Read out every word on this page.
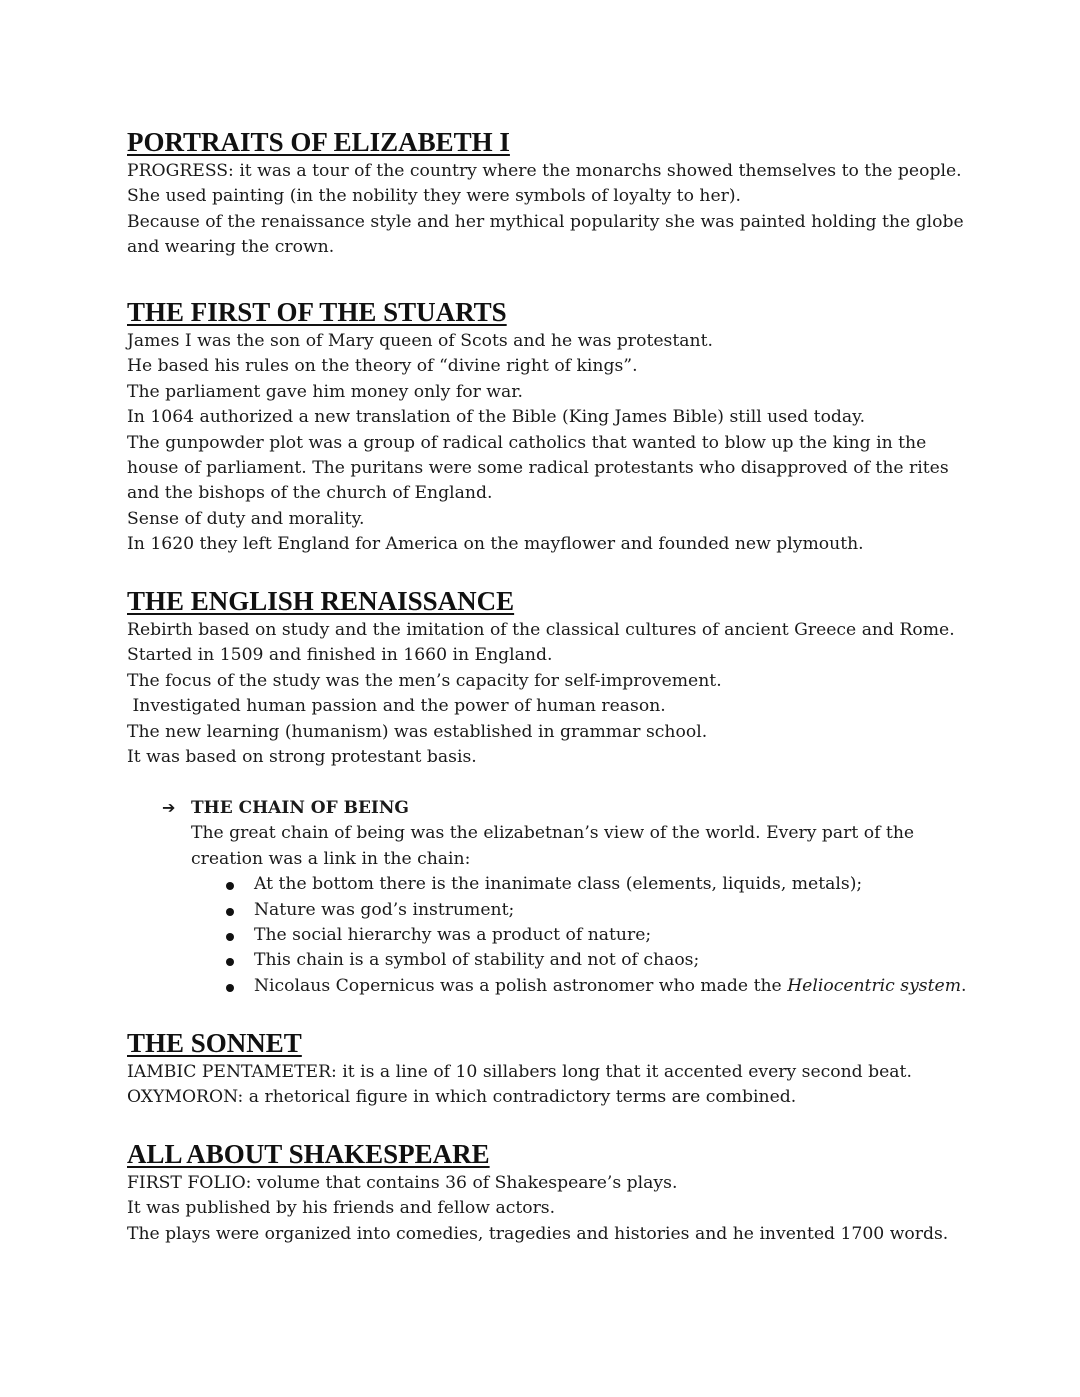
PORTRAITS OF ELIZABETH I

PROGRESS: it was a tour of the country where the monarchs showed themselves to the people.

She used painting (in the nobility they were symbols of loyalty to her).

Because of the renaissance style and her mythical popularity she was painted holding the globe

and wearing the crown.

THE FIRST OF THE STUARTS

James I was the son of Mary queen of Scots and he was protestant.

He based his rules on the theory of “divine right of kings”.

The parliament gave him money only for war.

In 1064 authorized a new translation of the Bible (King James Bible) still used today.

The gunpowder plot was a group of radical catholics that wanted to blow up the king in the

house of parliament. The puritans were some radical protestants who disapproved of the rites

and the bishops of the church of England.

Sense of duty and morality.

In 1620 they left England for America on the mayflower and founded new plymouth.

THE ENGLISH RENAISSANCE

Rebirth based on study and the imitation of the classical cultures of ancient Greece and Rome.

Started in 1509 and finished in 1660 in England.

The focus of the study was the men’s capacity for self-improvement.

Investigated human passion and the power of human reason.

The new learning (humanism) was established in grammar school.

It was based on strong protestant basis.

➔ THE CHAIN OF BEING

The great chain of being was the elizabetnan’s view of the world. Every part of the

creation was a link in the chain:

At the bottom there is the inanimate class (elements, liquids, metals);
Nature was god’s instrument;
The social hierarchy was a product of nature;
This chain is a symbol of stability and not of chaos;
Nicolaus Copernicus was a polish astronomer who made the Heliocentric system.
THE SONNET

IAMBIC PENTAMETER: it is a line of 10 sillabers long that it accented every second beat.

OXYMORON: a rhetorical figure in which contradictory terms are combined.

ALL ABOUT SHAKESPEARE

FIRST FOLIO: volume that contains 36 of Shakespeare’s plays.

It was published by his friends and fellow actors.

The plays were organized into comedies, tragedies and histories and he invented 1700 words.
